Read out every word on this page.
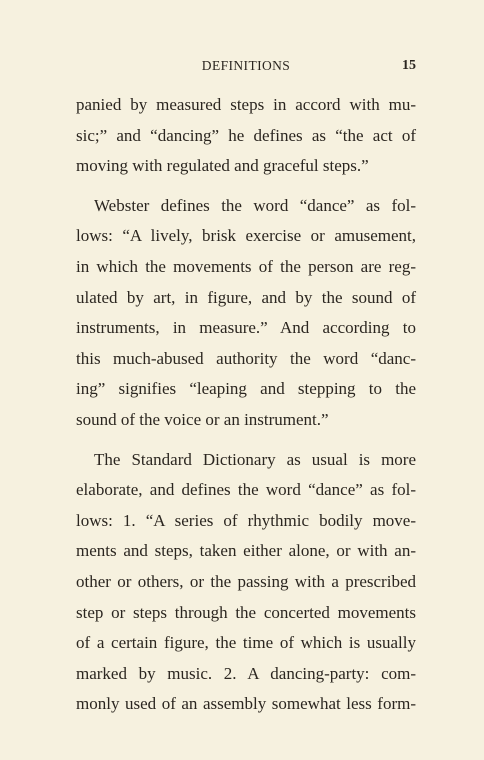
DEFINITIONS	15
panied by measured steps in accord with mu-
sic;” and “dancing” he defines as “the act of
moving with regulated and graceful steps.”
Webster defines the word “dance” as fol-
lows: “A lively, brisk exercise or amusement,
in which the movements of the person are reg-
ulated by art, in figure, and by the sound of
instruments, in measure.” And according to
this much-abused authority the word “danc-
ing” signifies “leaping and stepping to the
sound of the voice or an instrument.”
The Standard Dictionary as usual is more
elaborate, and defines the word “dance” as fol-
lows: 1. “A series of rhythmic bodily move-
ments and steps, taken either alone, or with an-
other or others, or the passing with a prescribed
step or steps through the concerted movements
of a certain figure, the time of which is usually
marked by music. 2. A dancing-party: com-
monly used of an assembly somewhat less form-
